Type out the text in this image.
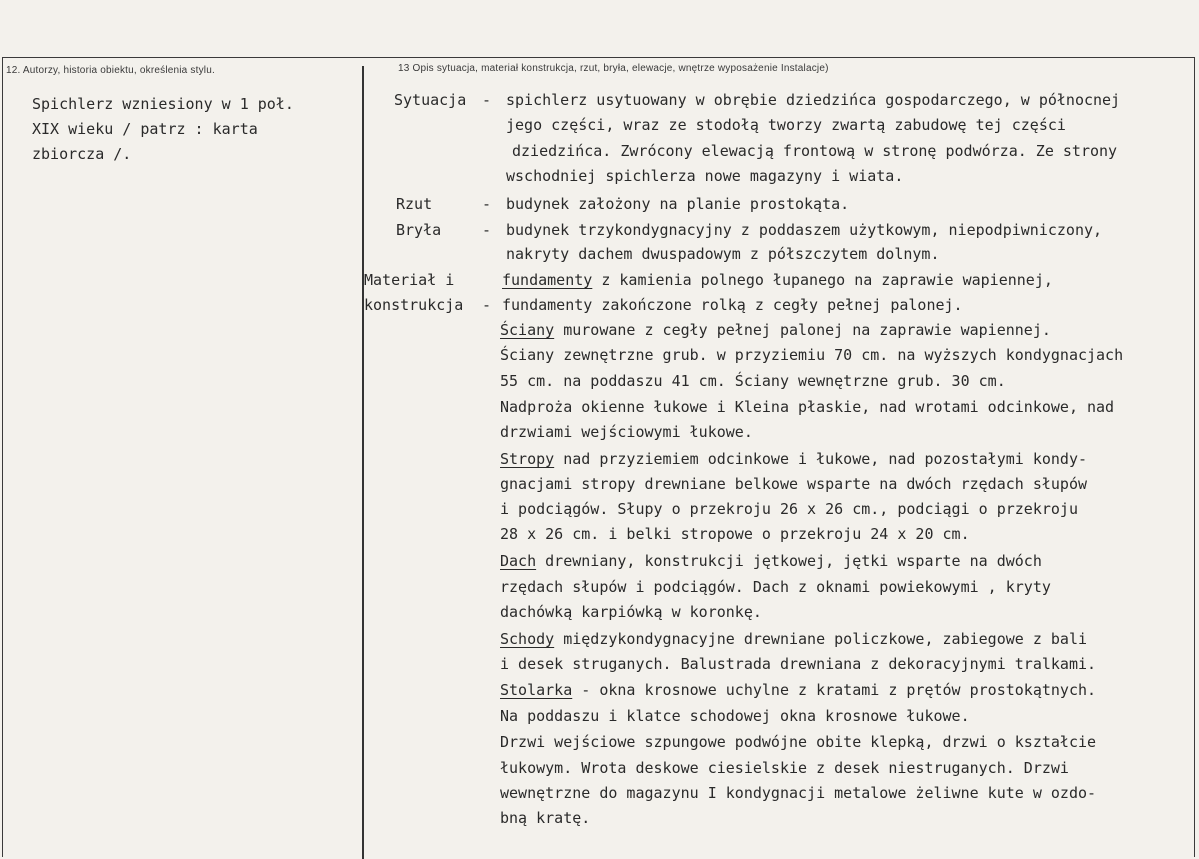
12. Autorzy, historia obiektu, określenia stylu.	13 Opis sytuacja, materiał konstrukcja, rzut, bryła, elewacje, wnętrze wyposażenie Instalacje)
Spichlerz wzniesiony w 1 poł.
XIX wieku / patrz : karta
zbiorcza /.
Sytuacja - spichlerz usytuowany w obrębie dziedzińca gospodarczego, w północnej
jego części, wraz ze stodołą tworzy zwartą zabudowę tej części
dziedzińca. Zwrócony elewacją frontową w stronę podwórza. Ze strony
wschodniej spichlerza nowe magazyny i wiata.
Rzut	- budynek założony na planie prostokąta.
Bryła	- budynek trzykondygnacyjny z poddaszem użytkowym, niepodpiwniczony,
nakryty dachem dwuspadowym z półszczytem dolnym.
Materiał i
konstrukcja -
fundamenty z kamienia polnego łupanego na zaprawie wapiennej,
fundamenty zakończone rolką z cegły pełnej palonej.
Ściany murowane z cegły pełnej palonej na zaprawie wapiennej.
Ściany zewnętrzne grub. w przyziemiu 70 cm. na wyższych kondygnacjach
55 cm. na poddaszu 41 cm. Ściany wewnętrzne grub. 30 cm.
Nadproża okienne łukowe i Kleina płaskie, nad wrotami odcinkowe, nad
drzwiami wejściowymi łukowe.
Stropy nad przyziemiem odcinkowe i łukowe, nad pozostałymi kondy-
gnacjami stropy drewniane belkowe wsparte na dwóch rzędach słupów
i podciągów. Słupy o przekroju 26 x 26 cm., podciągi o przekroju
28 x 26 cm. i belki stropowe o przekroju 24 x 20 cm.
Dach drewniany, konstrukcji jętkowej, jętki wsparte na dwóch
rzędach słupów i podciągów. Dach z oknami powiekowymi , kryty
dachówką karpiówką w koronkę.
Schody międzykondygnacyjne drewniane policzkowe, zabiegowe z bali
i desek struganych. Balustrada drewniana z dekoracyjnymi tralkami.
Stolarka - okna krosnowe uchylne z kratami z prętów prostokątnych.
Na poddaszu i klatce schodowej okna krosnowe łukowe.
Drzwi wejściowe szpungowe podwójne obite klepką, drzwi o kształcie
łukowym. Wrota deskowe ciesielskie z desek niestruganych. Drzwi
wewnętrzne do magazynu I kondygnacji metalowe żeliwne kute w ozdo-
bną kratę.
